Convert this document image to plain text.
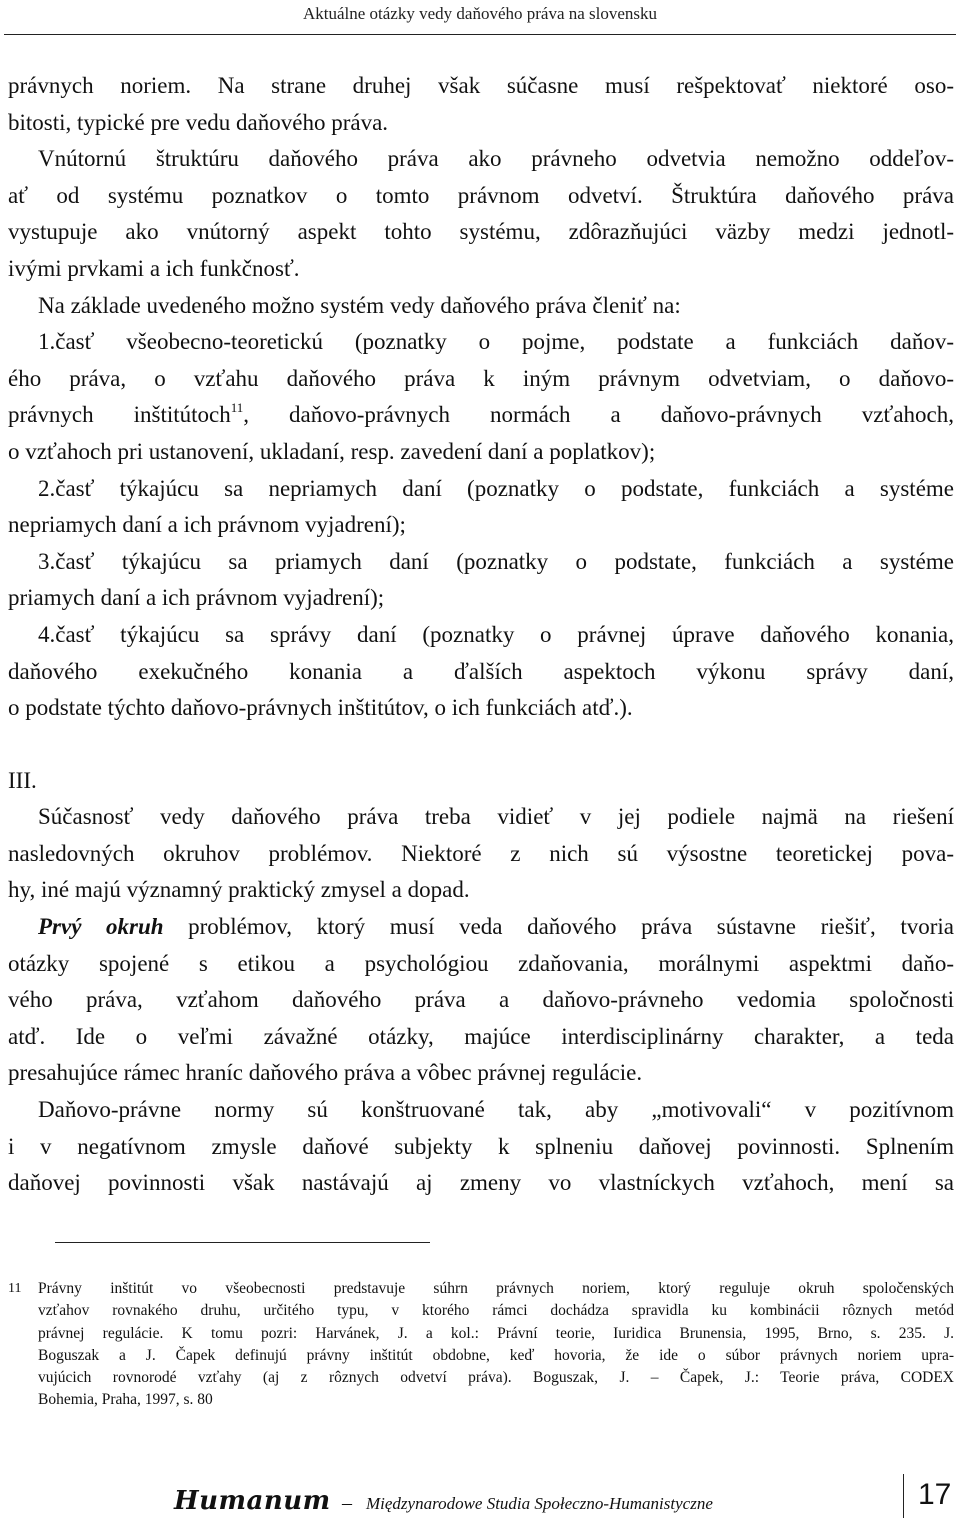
Aktuálne otázky vedy daňového práva na slovensku
právnych noriem. Na strane druhej však súčasne musí rešpektovať niektoré oso-
bitosti, typické pre vedu daňového práva.
Vnútornú štruktúru daňového práva ako právneho odvetvia nemožno oddeľov-
ať od systému poznatkov o tomto právnom odvetví. Štruktúra daňového práva
vystupuje ako vnútorný aspekt tohto systému, zdôrazňujúci väzby medzi jednotl-
ivými prvkami a ich funkčnosť.
Na základe uvedeného možno systém vedy daňového práva členiť na:
1.časť všeobecno-teoretickú (poznatky o pojme, podstate a funkciách daňov-
ého práva, o vzťahu daňového práva k iným právnym odvetviam, o daňovo-
právnych inštitútoch$^{11}$, daňovo-právnych normách a daňovo-právnych vzťahoch,
o vzťahoch pri ustanovení, ukladaní, resp. zavedení daní a poplatkov);
2.časť týkajúcu sa nepriamych daní (poznatky o podstate, funkciách a systéme
nepriamych daní a ich právnom vyjadrení);
3.časť týkajúcu sa priamych daní (poznatky o podstate, funkciách a systéme
priamych daní a ich právnom vyjadrení);
4.časť týkajúcu sa správy daní (poznatky o právnej úprave daňového konania,
daňového exekučného konania a ďalších aspektoch výkonu správy daní,
o podstate týchto daňovo-právnych inštitútov, o ich funkciách atď.).
III.
Súčasnosť vedy daňového práva treba vidieť v jej podiele najmä na riešení
nasledovných okruhov problémov. Niektoré z nich sú výsostne teoretickej pova-
hy, iné majú významný praktický zmysel a dopad.
Prvý okruh problémov, ktorý musí veda daňového práva sústavne riešiť, tvoria
otázky spojené s etikou a psychológiou zdaňovania, morálnymi aspektmi daňo-
vého práva, vzťahom daňového práva a daňovo-právneho vedomia spoločnosti
atď. Ide o veľmi závažné otázky, majúce interdisciplinárny charakter, a teda
presahujúce rámec hraníc daňového práva a vôbec právnej regulácie.
Daňovo-právne normy sú konštruované tak, aby „motivovali“ v pozitívnom
i v negatívnom zmysle daňové subjekty k splneniu daňovej povinnosti. Splnením
daňovej povinnosti však nastávajú aj zmeny vo vlastníckych vzťahoch, mení sa
11 Právny inštitút vo všeobecnosti predstavuje súhrn právnych noriem, ktorý reguluje okruh spoločenských
vzťahov rovnakého druhu, určitého typu, v ktorého rámci dochádza spravidla ku kombinácii rôznych metód
právnej regulácie. K tomu pozri: Harvánek, J. a kol.: Právní teorie, Iuridica Brunensia, 1995, Brno, s. 235. J.
Boguszak a J. Čapek definujú právny inštitút obdobne, keď hovoria, že ide o súbor právnych noriem upra-
vujúcich rovnorodé vzťahy (aj z rôznych odvetví práva). Boguszak, J. – Čapek, J.: Teorie práva, CODEX
Bohemia, Praha, 1997, s. 80
Humanum – Międzynarodowe Studia Społeczno-Humanistyczne	17
